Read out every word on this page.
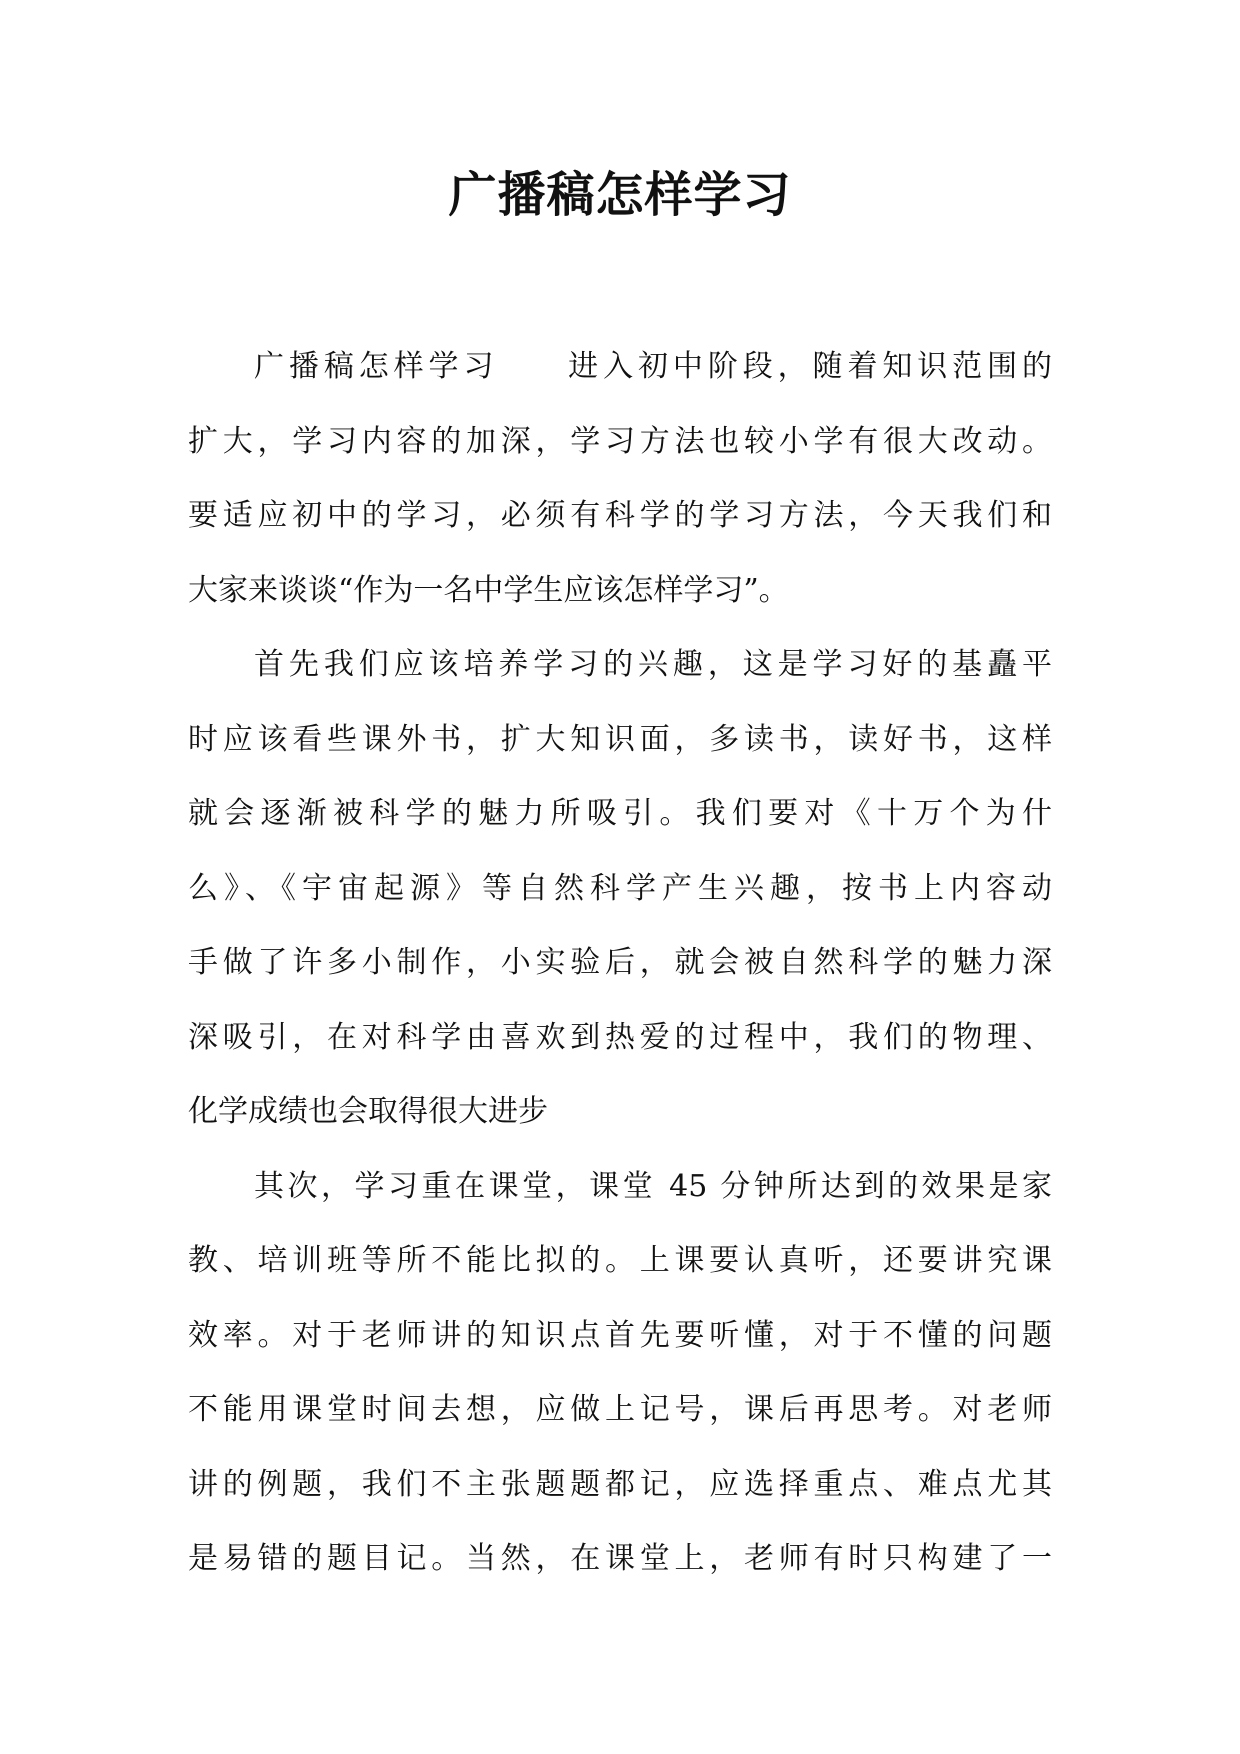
广播稿怎样学习
广播稿怎样学习　　进入初中阶段，随着知识范围的
扩大，学习内容的加深，学习方法也较小学有很大改动。
要适应初中的学习，必须有科学的学习方法，今天我们和
大家来谈谈“作为一名中学生应该怎样学习”。
首先我们应该培养学习的兴趣，这是学习好的基矗平
时应该看些课外书，扩大知识面，多读书，读好书，这样
就会逐渐被科学的魅力所吸引。我们要对《十万个为什
么》、《宇宙起源》等自然科学产生兴趣，按书上内容动
手做了许多小制作，小实验后，就会被自然科学的魅力深
深吸引，在对科学由喜欢到热爱的过程中，我们的物理、
化学成绩也会取得很大进步
其次，学习重在课堂，课堂 45 分钟所达到的效果是家
教、培训班等所不能比拟的。上课要认真听，还要讲究课
效率。对于老师讲的知识点首先要听懂，对于不懂的问题
不能用课堂时间去想，应做上记号，课后再思考。对老师
讲的例题，我们不主张题题都记，应选择重点、难点尤其
是易错的题目记。当然，在课堂上，老师有时只构建了一
